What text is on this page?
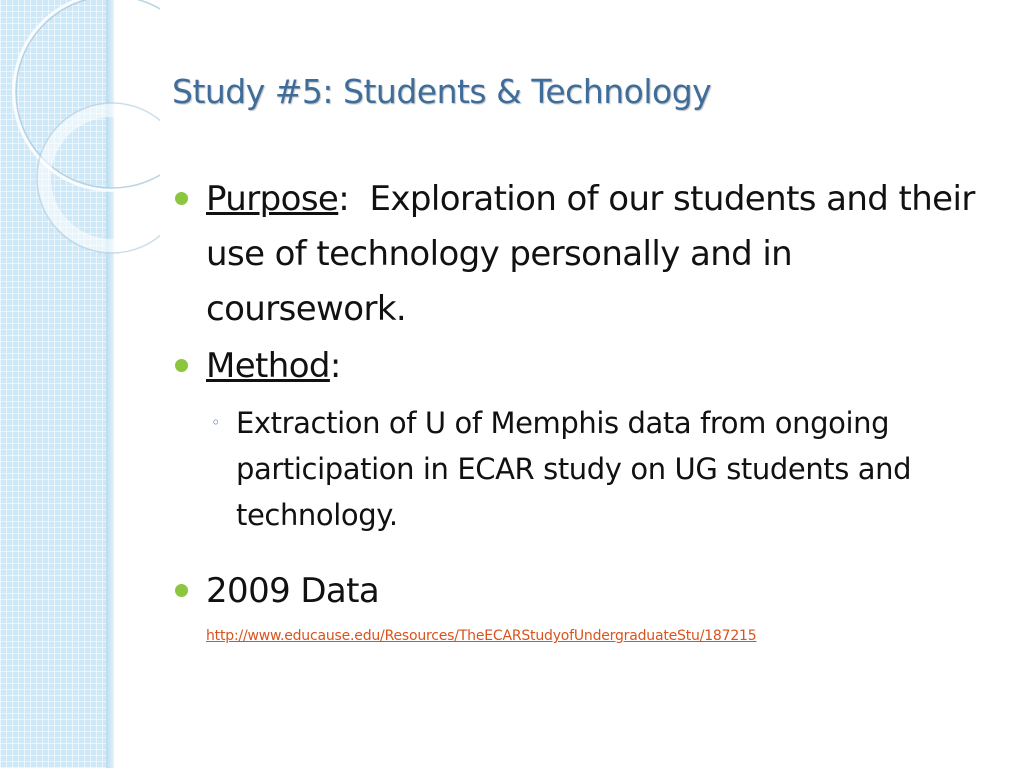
Study #5: Students & Technology
Purpose:  Exploration of our students and their use of technology personally and in coursework.
Method:
◦ Extraction of U of Memphis data from ongoing participation in ECAR study on UG students and technology.
2009 Data
http://www.educause.edu/Resources/TheECARStudyofUndergraduateStu/187215
